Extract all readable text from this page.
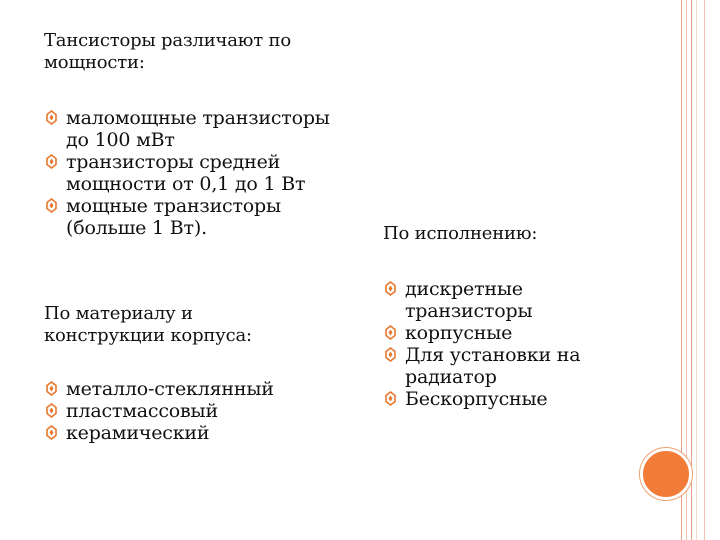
Тансисторы различают по мощности:
маломощные транзисторы до 100 мВт
транзисторы средней мощности от 0,1 до 1 Вт
мощные транзисторы (больше 1 Вт).
По материалу и конструкции корпуса:
металло-стеклянный
пластмассовый
керамический
По исполнению:
дискретные транзисторы
корпусные
Для установки на радиатор
Бескорпусные
